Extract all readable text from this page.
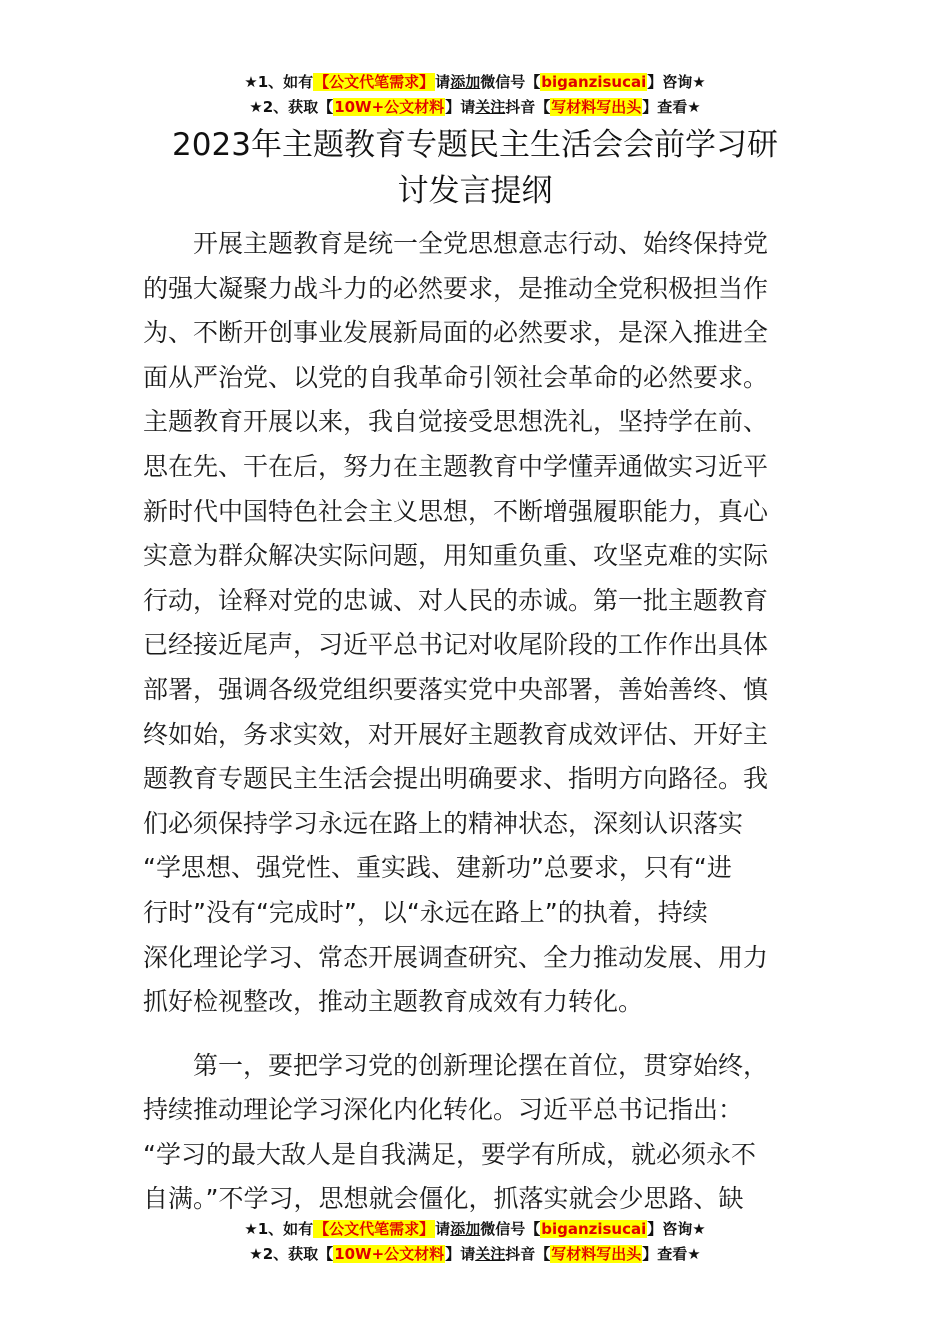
★1、如有【公文代笔需求】请添加微信号【biganzisucai】咨询★
★2、获取【10W+公文材料】请关注抖音【写材料写出头】查看★
2023年主题教育专题民主生活会会前学习研
讨发言提纲

开展主题教育是统一全党思想意志行动、始终保持党
的强大凝聚力战斗力的必然要求，是推动全党积极担当作
为、不断开创事业发展新局面的必然要求，是深入推进全
面从严治党、以党的自我革命引领社会革命的必然要求。
主题教育开展以来，我自觉接受思想洗礼，坚持学在前、
思在先、干在后，努力在主题教育中学懂弄通做实习近平
新时代中国特色社会主义思想，不断增强履职能力，真心
实意为群众解决实际问题，用知重负重、攻坚克难的实际
行动，诠释对党的忠诚、对人民的赤诚。第一批主题教育
已经接近尾声，习近平总书记对收尾阶段的工作作出具体
部署，强调各级党组织要落实党中央部署，善始善终、慎
终如始，务求实效，对开展好主题教育成效评估、开好主
题教育专题民主生活会提出明确要求、指明方向路径。我
们必须保持学习永远在路上的精神状态，深刻认识落实
“学思想、强党性、重实践、建新功”总要求，只有“进
行时”没有“完成时”，以“永远在路上”的执着，持续
深化理论学习、常态开展调查研究、全力推动发展、用力
抓好检视整改，推动主题教育成效有力转化。

第一，要把学习党的创新理论摆在首位，贯穿始终，
持续推动理论学习深化内化转化。习近平总书记指出：
“学习的最大敌人是自我满足，要学有所成，就必须永不
自满。”不学习，思想就会僵化，抓落实就会少思路、缺

★1、如有【公文代笔需求】请添加微信号【biganzisucai】咨询★
★2、获取【10W+公文材料】请关注抖音【写材料写出头】查看★
